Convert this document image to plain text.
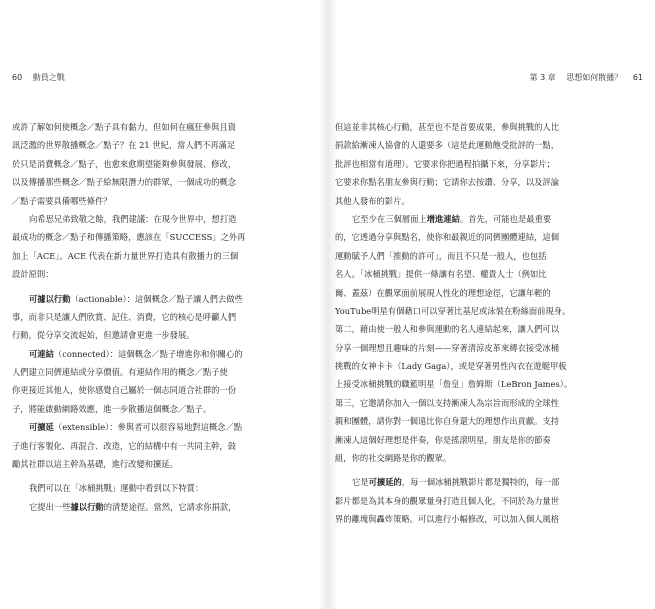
60 動員之戰
或許了解如何使概念／點子具有黏力，但如何在瘋狂參與且資
訊泛濫的世界散播概念／點子？在 21 世紀，當人們不再滿足
於只是消費概念／點子，也愈來愈期望能夠參與發展、修改，
以及傳播那些概念／點子給無限潛力的群眾，一個成功的概念
／點子需要具備哪些條件？
向希思兄弟致敬之餘，我們建議：在現今世界中，想打造
最成功的概念／點子和傳播策略，應該在「SUCCESS」之外再
加上「ACE」。ACE 代表在新力量世界打造具有散播力的三個
設計原則：
可據以行動（actionable）：這個概念／點子讓人們去做些
事，而非只是讓人們欣賞、記住、消費，它的核心是呼籲人們
行動，從分享交流起始，但邀請會更進一步發展。
可連結（connected）：這個概念／點子增進你和你關心的
人們建立同儕連結或分享價值。有連結作用的概念／點子使
你更接近其他人，使你感覺自己屬於一個志同道合社群的一份
子，將能啟動網路效應，進一步散播這個概念／點子。
可擴延（extensible）：參與者可以很容易地對這概念／點
子進行客製化、再混合、改造，它的結構中有一共同主幹，鼓
勵其社群以這主幹為基礎，進行改變和擴延。
我們可以在「冰桶挑戰」運動中看到以下特質：
它提出一些據以行動的清楚途徑。當然，它請求你捐款，
第 3 章 思想如何散播？ 61
但這並非其核心行動，甚至也不是首要成果，參與挑戰的人比
捐款給漸凍人協會的人還要多（這是此運動飽受批評的一點，
批評也相當有道理）。它要求你把過程拍攝下來，分享影片；
它要求你點名朋友參與行動；它請你去按讚、分享，以及評論
其他人發布的影片。
它至少在三個層面上增進連結。首先，可能也是最重要
的，它透過分享與點名，使你和最親近的同儕團體連結，這個
運動賦予人們「推動的許可」，而且不只是一般人，也包括
名人。「冰桶挑戰」提供一條讓有名望、權貴人士（例如比
爾、蓋茲）在觀眾面前展現人性化的理想途徑，它讓年輕的
YouTube明星有個藉口可以穿著比基尼或泳裝在粉絲面前現身。
第二，藉由使一般人和參與運動的名人連結起來，讓人們可以
分享一個理想且趣味的片刻——穿著清涼皮革來縛衣接受冰桶
挑戰的女神卡卡（Lady Gaga），或是穿著男性內衣在遊艇甲板
上接受冰桶挑戰的職籃明星「詹皇」詹姆斯（LeBron James）。
第三，它邀請你加入一個以支持漸凍人為宗旨而形成的全球性
親和團體，請你對一個遠比你自身還大的理想作出貢獻。支持
漸凍人這個好理想是伴奏，你是搖滾明星，朋友是你的節奏
組，你的社交網路是你的觀眾。
它是可擴延的，每一個冰桶挑戰影片都是獨特的，每一部
影片都是為其本身的觀眾量身打造且個人化，不同於為力量世
界的離塊與轟炸策略。可以進行小幅修改，可以加入個人風格
